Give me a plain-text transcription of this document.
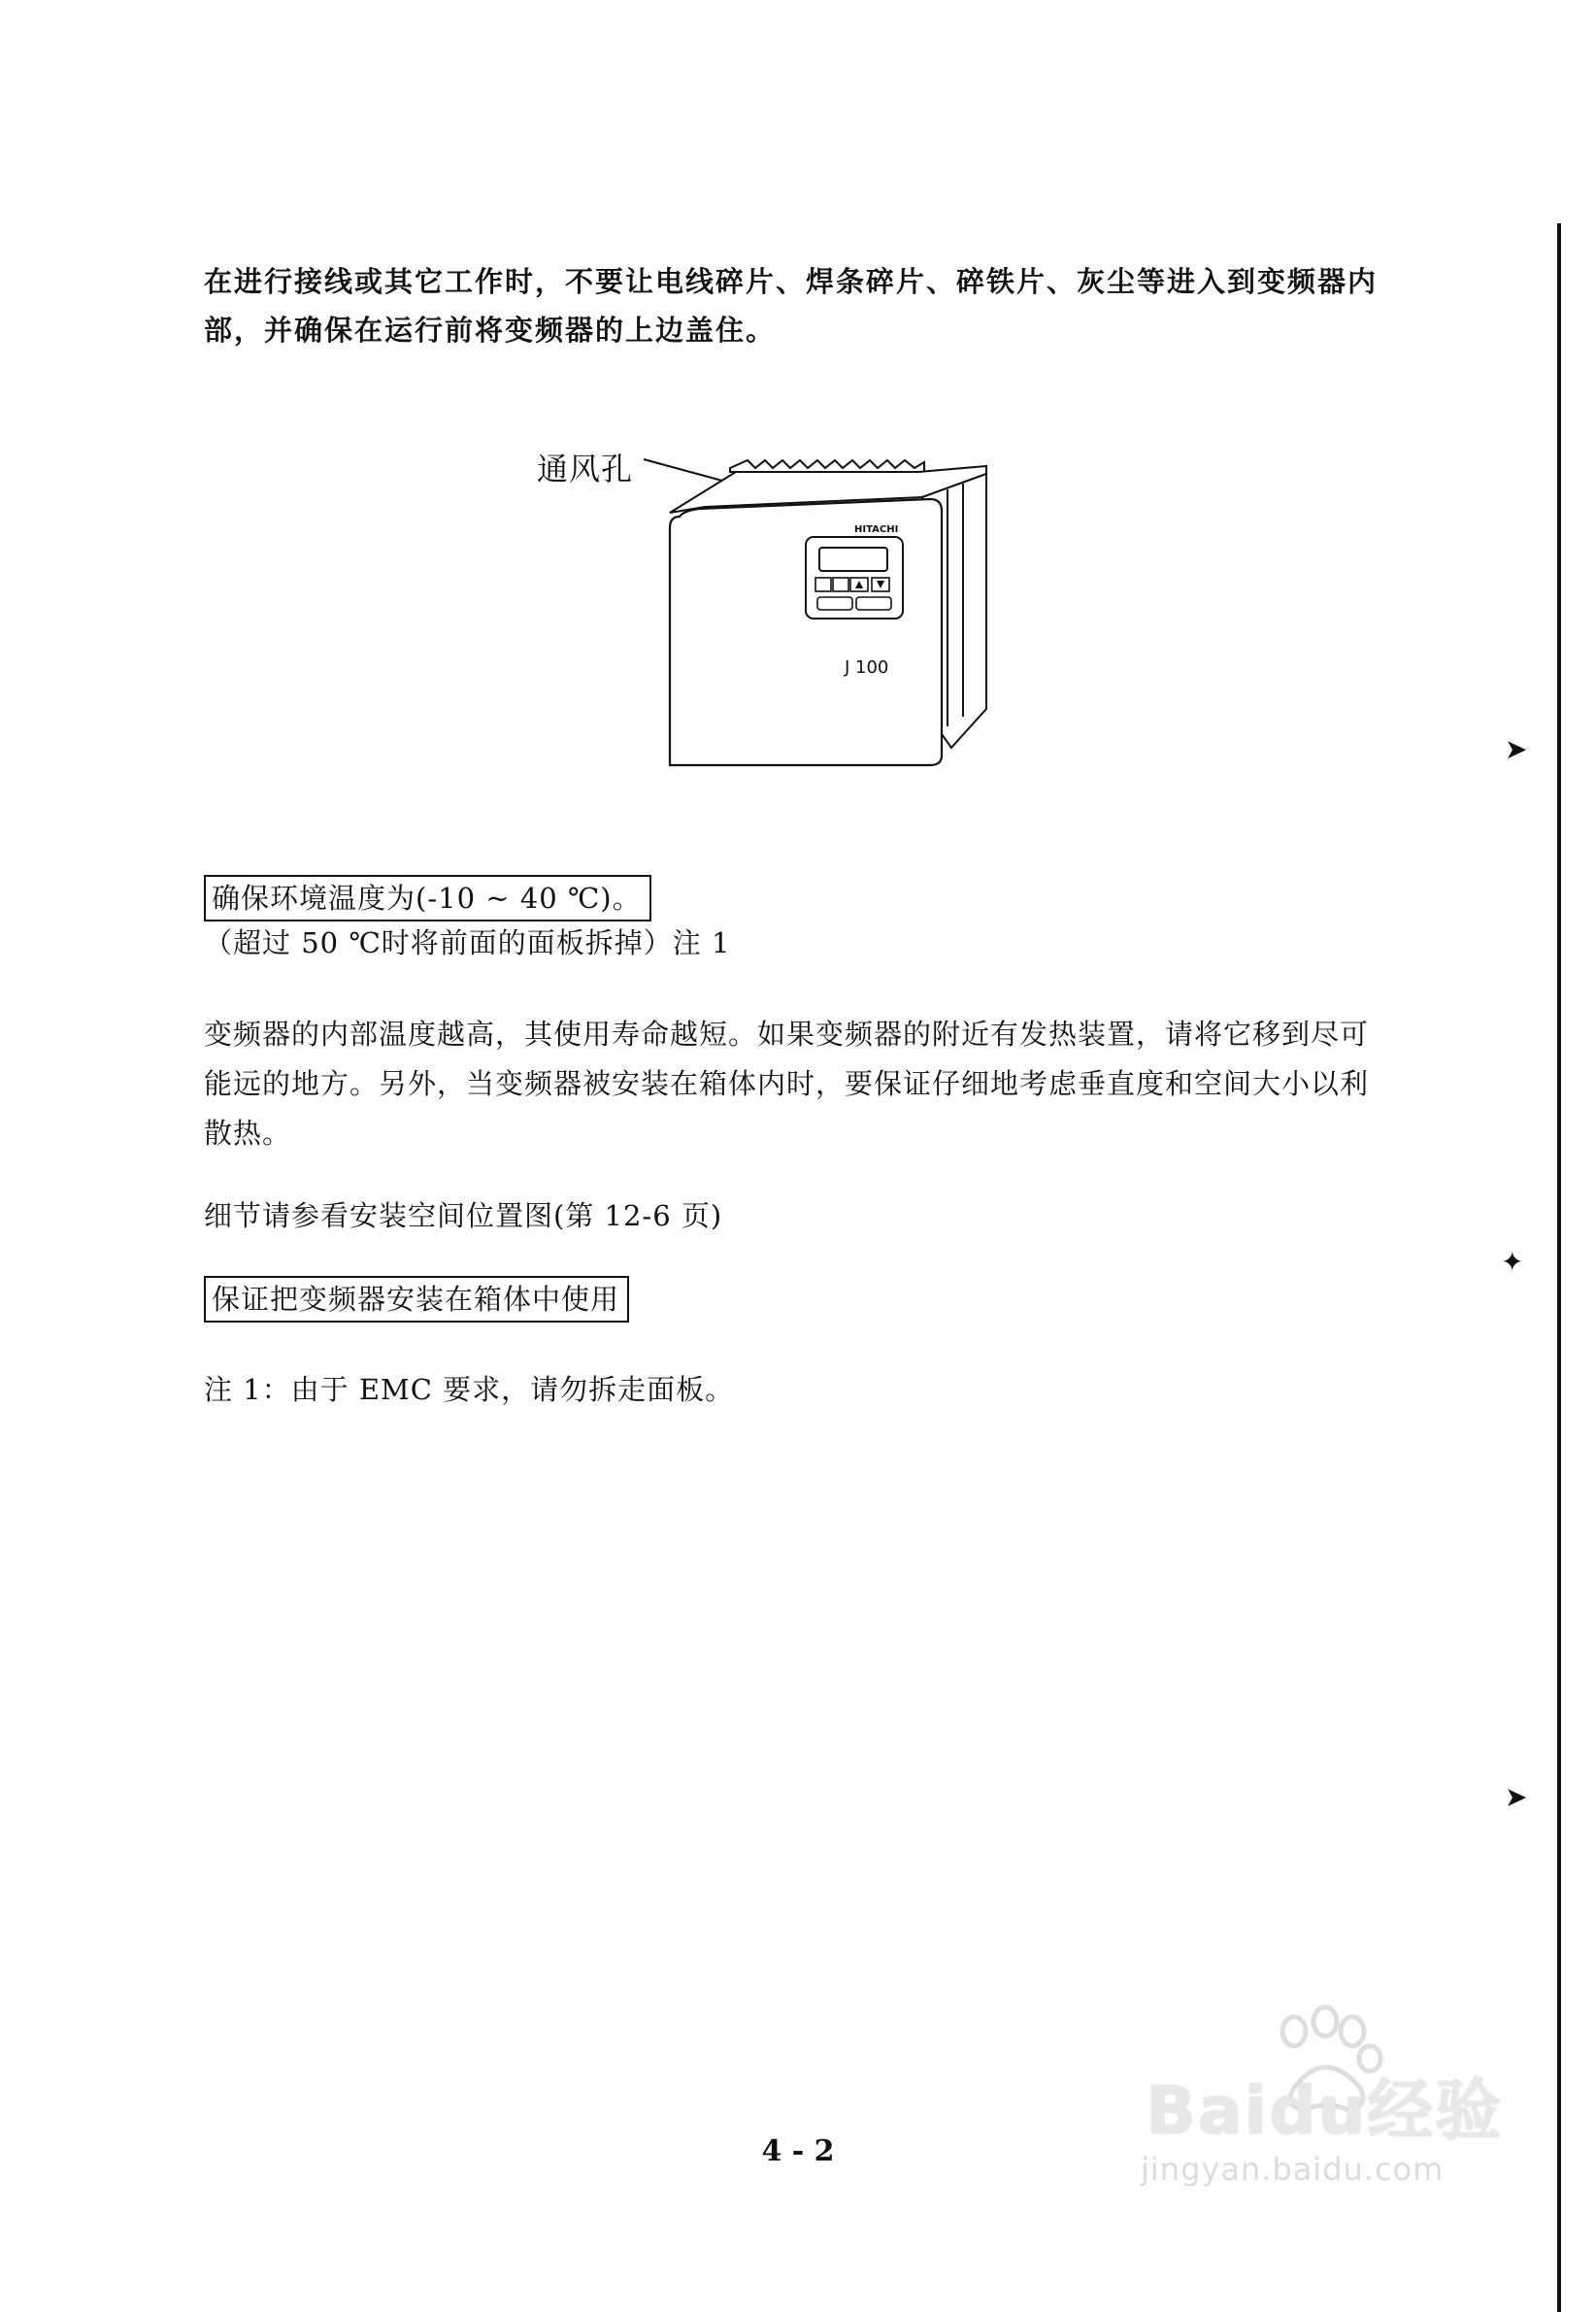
在进行接线或其它工作时，不要让电线碎片、焊条碎片、碎铁片、灰尘等进入到变频器内部，并确保在运行前将变频器的上边盖住。
通风孔
HITACHI
J 100
确保环境温度为(-10 ~ 40 ℃)。
（超过 50 ℃时将前面的面板拆掉）注 1
变频器的内部温度越高，其使用寿命越短。如果变频器的附近有发热装置，请将它移到尽可能远的地方。另外，当变频器被安装在箱体内时，要保证仔细地考虑垂直度和空间大小以利散热。
细节请参看安装空间位置图(第 12-6 页)
保证把变频器安装在箱体中使用
注 1：由于 EMC 要求，请勿拆走面板。
4 - 2
➤
✦
➤
Baidu经验
jingyan.baidu.com
